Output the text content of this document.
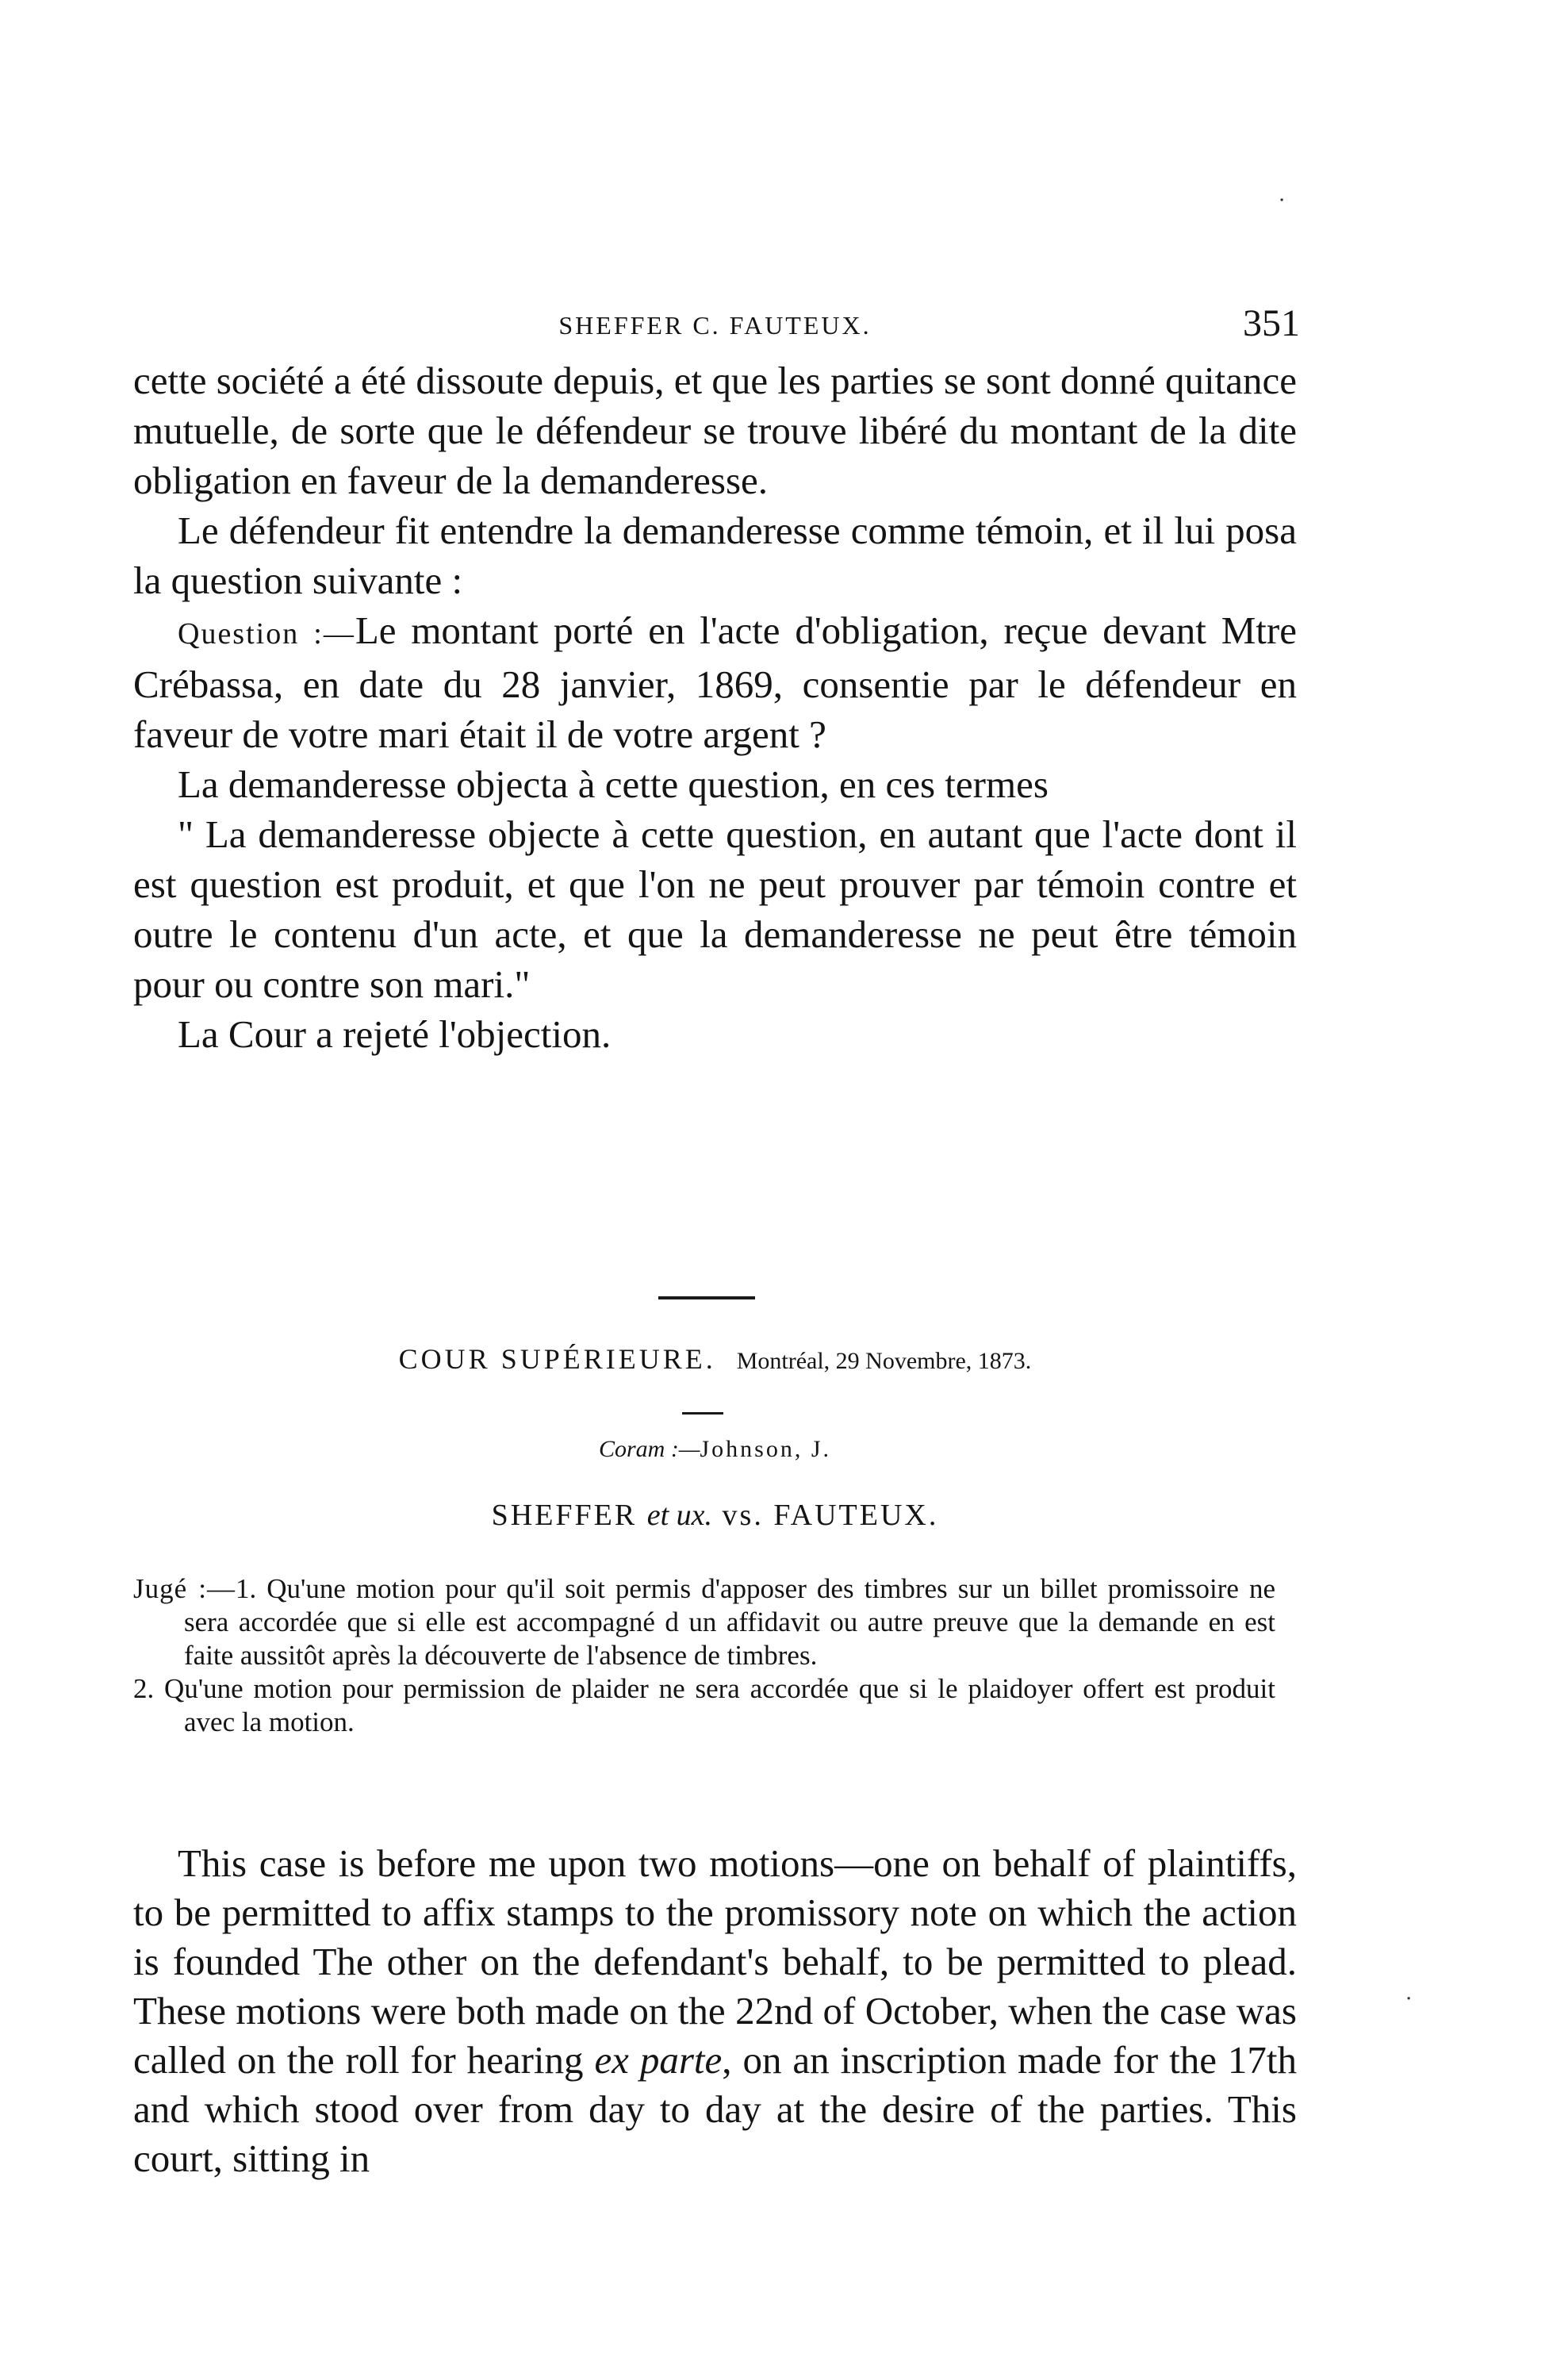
SHEFFER C. FAUTEUX.	351

cette société a été dissoute depuis, et que les parties se sont donné quitance mutuelle, de sorte que le défendeur se trouve libéré du montant de la dite obligation en faveur de la demanderesse.

Le défendeur fit entendre la demanderesse comme témoin, et il lui posa la question suivante :

Question :—Le montant porté en l'acte d'obligation, reçue devant Mtre Crébassa, en date du 28 janvier, 1869, consentie par le défendeur en faveur de votre mari était il de votre argent ?

La demanderesse objecta à cette question, en ces termes

" La demanderesse objecte à cette question, en autant que l'acte dont il est question est produit, et que l'on ne peut prouver par témoin contre et outre le contenu d'un acte, et que la demanderesse ne peut être témoin pour ou contre son mari."

La Cour a rejeté l'objection.

COUR SUPÉRIEURE. Montréal, 29 Novembre, 1873.
Coram :—Johnson, J.
SHEFFER et ux. vs. FAUTEUX.

Jugé :—1. Qu'une motion pour qu'il soit permis d'apposer des timbres sur un billet promissoire ne sera accordée que si elle est accompagné d un affidavit ou autre preuve que la demande en est faite aussitôt après la découverte de l'absence de timbres.

2. Qu'une motion pour permission de plaider ne sera accordée que si le plaidoyer offert est produit avec la motion.

This case is before me upon two motions—one on behalf of plaintiffs, to be permitted to affix stamps to the promissory note on which the action is founded The other on the defendant's behalf, to be permitted to plead. These motions were both made on the 22nd of October, when the case was called on the roll for hearing ex parte, on an inscription made for the 17th and which stood over from day to day at the desire of the parties. This court, sitting in

·
·
